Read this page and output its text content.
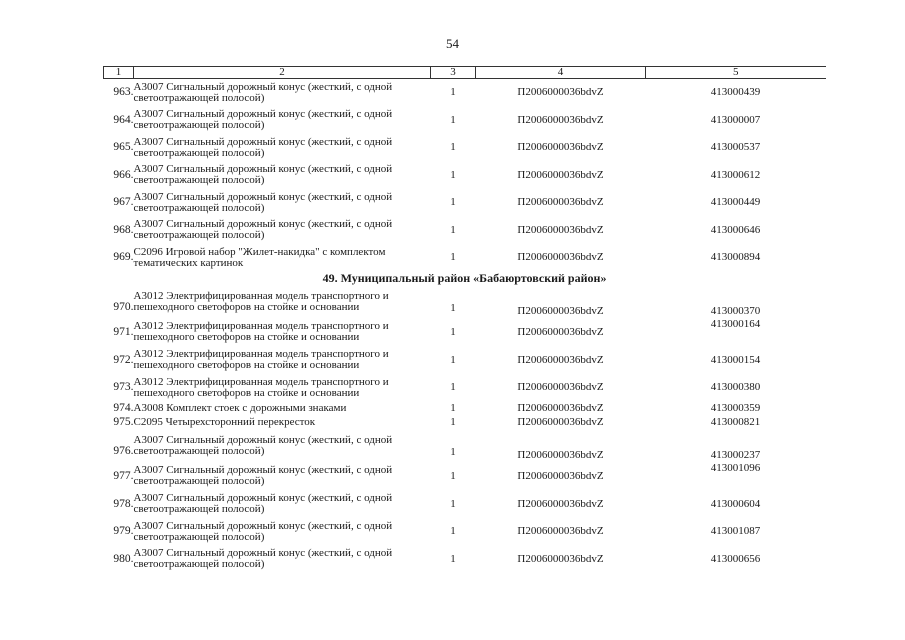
54
1	2	3	4	5
963.	А3007 Сигнальный дорожный конус (жесткий, с одной светоотражающей полосой)	1	П2006000036bdvZ	413000439
964.	А3007 Сигнальный дорожный конус (жесткий, с одной светоотражающей полосой)	1	П2006000036bdvZ	413000007
965.	А3007 Сигнальный дорожный конус (жесткий, с одной светоотражающей полосой)	1	П2006000036bdvZ	413000537
966.	А3007 Сигнальный дорожный конус (жесткий, с одной светоотражающей полосой)	1	П2006000036bdvZ	413000612
967.	А3007 Сигнальный дорожный конус (жесткий, с одной светоотражающей полосой)	1	П2006000036bdvZ	413000449
968.	А3007 Сигнальный дорожный конус (жесткий, с одной светоотражающей полосой)	1	П2006000036bdvZ	413000646
969.	С2096 Игровой набор "Жилет-накидка" с комплектом тематических картинок	1	П2006000036bdvZ	413000894
49. Муниципальный район «Бабаюртовский район»				
970.	А3012 Электрифицированная модель транспортного и пешеходного светофоров на стойке и основании	1	П2006000036bdvZ	413000370
971.	А3012 Электрифицированная модель транспортного и пешеходного светофоров на стойке и основании	1	П2006000036bdvZ	413000164
972.	А3012 Электрифицированная модель транспортного и пешеходного светофоров на стойке и основании	1	П2006000036bdvZ	413000154
973.	А3012 Электрифицированная модель транспортного и пешеходного светофоров на стойке и основании	1	П2006000036bdvZ	413000380
974.	А3008 Комплект стоек с дорожными знаками	1	П2006000036bdvZ	413000359
975.	С2095 Четырехсторонний перекресток	1	П2006000036bdvZ	413000821
976.	А3007 Сигнальный дорожный конус (жесткий, с одной светоотражающей полосой)	1	П2006000036bdvZ	413000237
977.	А3007 Сигнальный дорожный конус (жесткий, с одной светоотражающей полосой)	1	П2006000036bdvZ	413001096
978.	А3007 Сигнальный дорожный конус (жесткий, с одной светоотражающей полосой)	1	П2006000036bdvZ	413000604
979.	А3007 Сигнальный дорожный конус (жесткий, с одной светоотражающей полосой)	1	П2006000036bdvZ	413001087
980.	А3007 Сигнальный дорожный конус (жесткий, с одной светоотражающей полосой)	1	П2006000036bdvZ	413000656
